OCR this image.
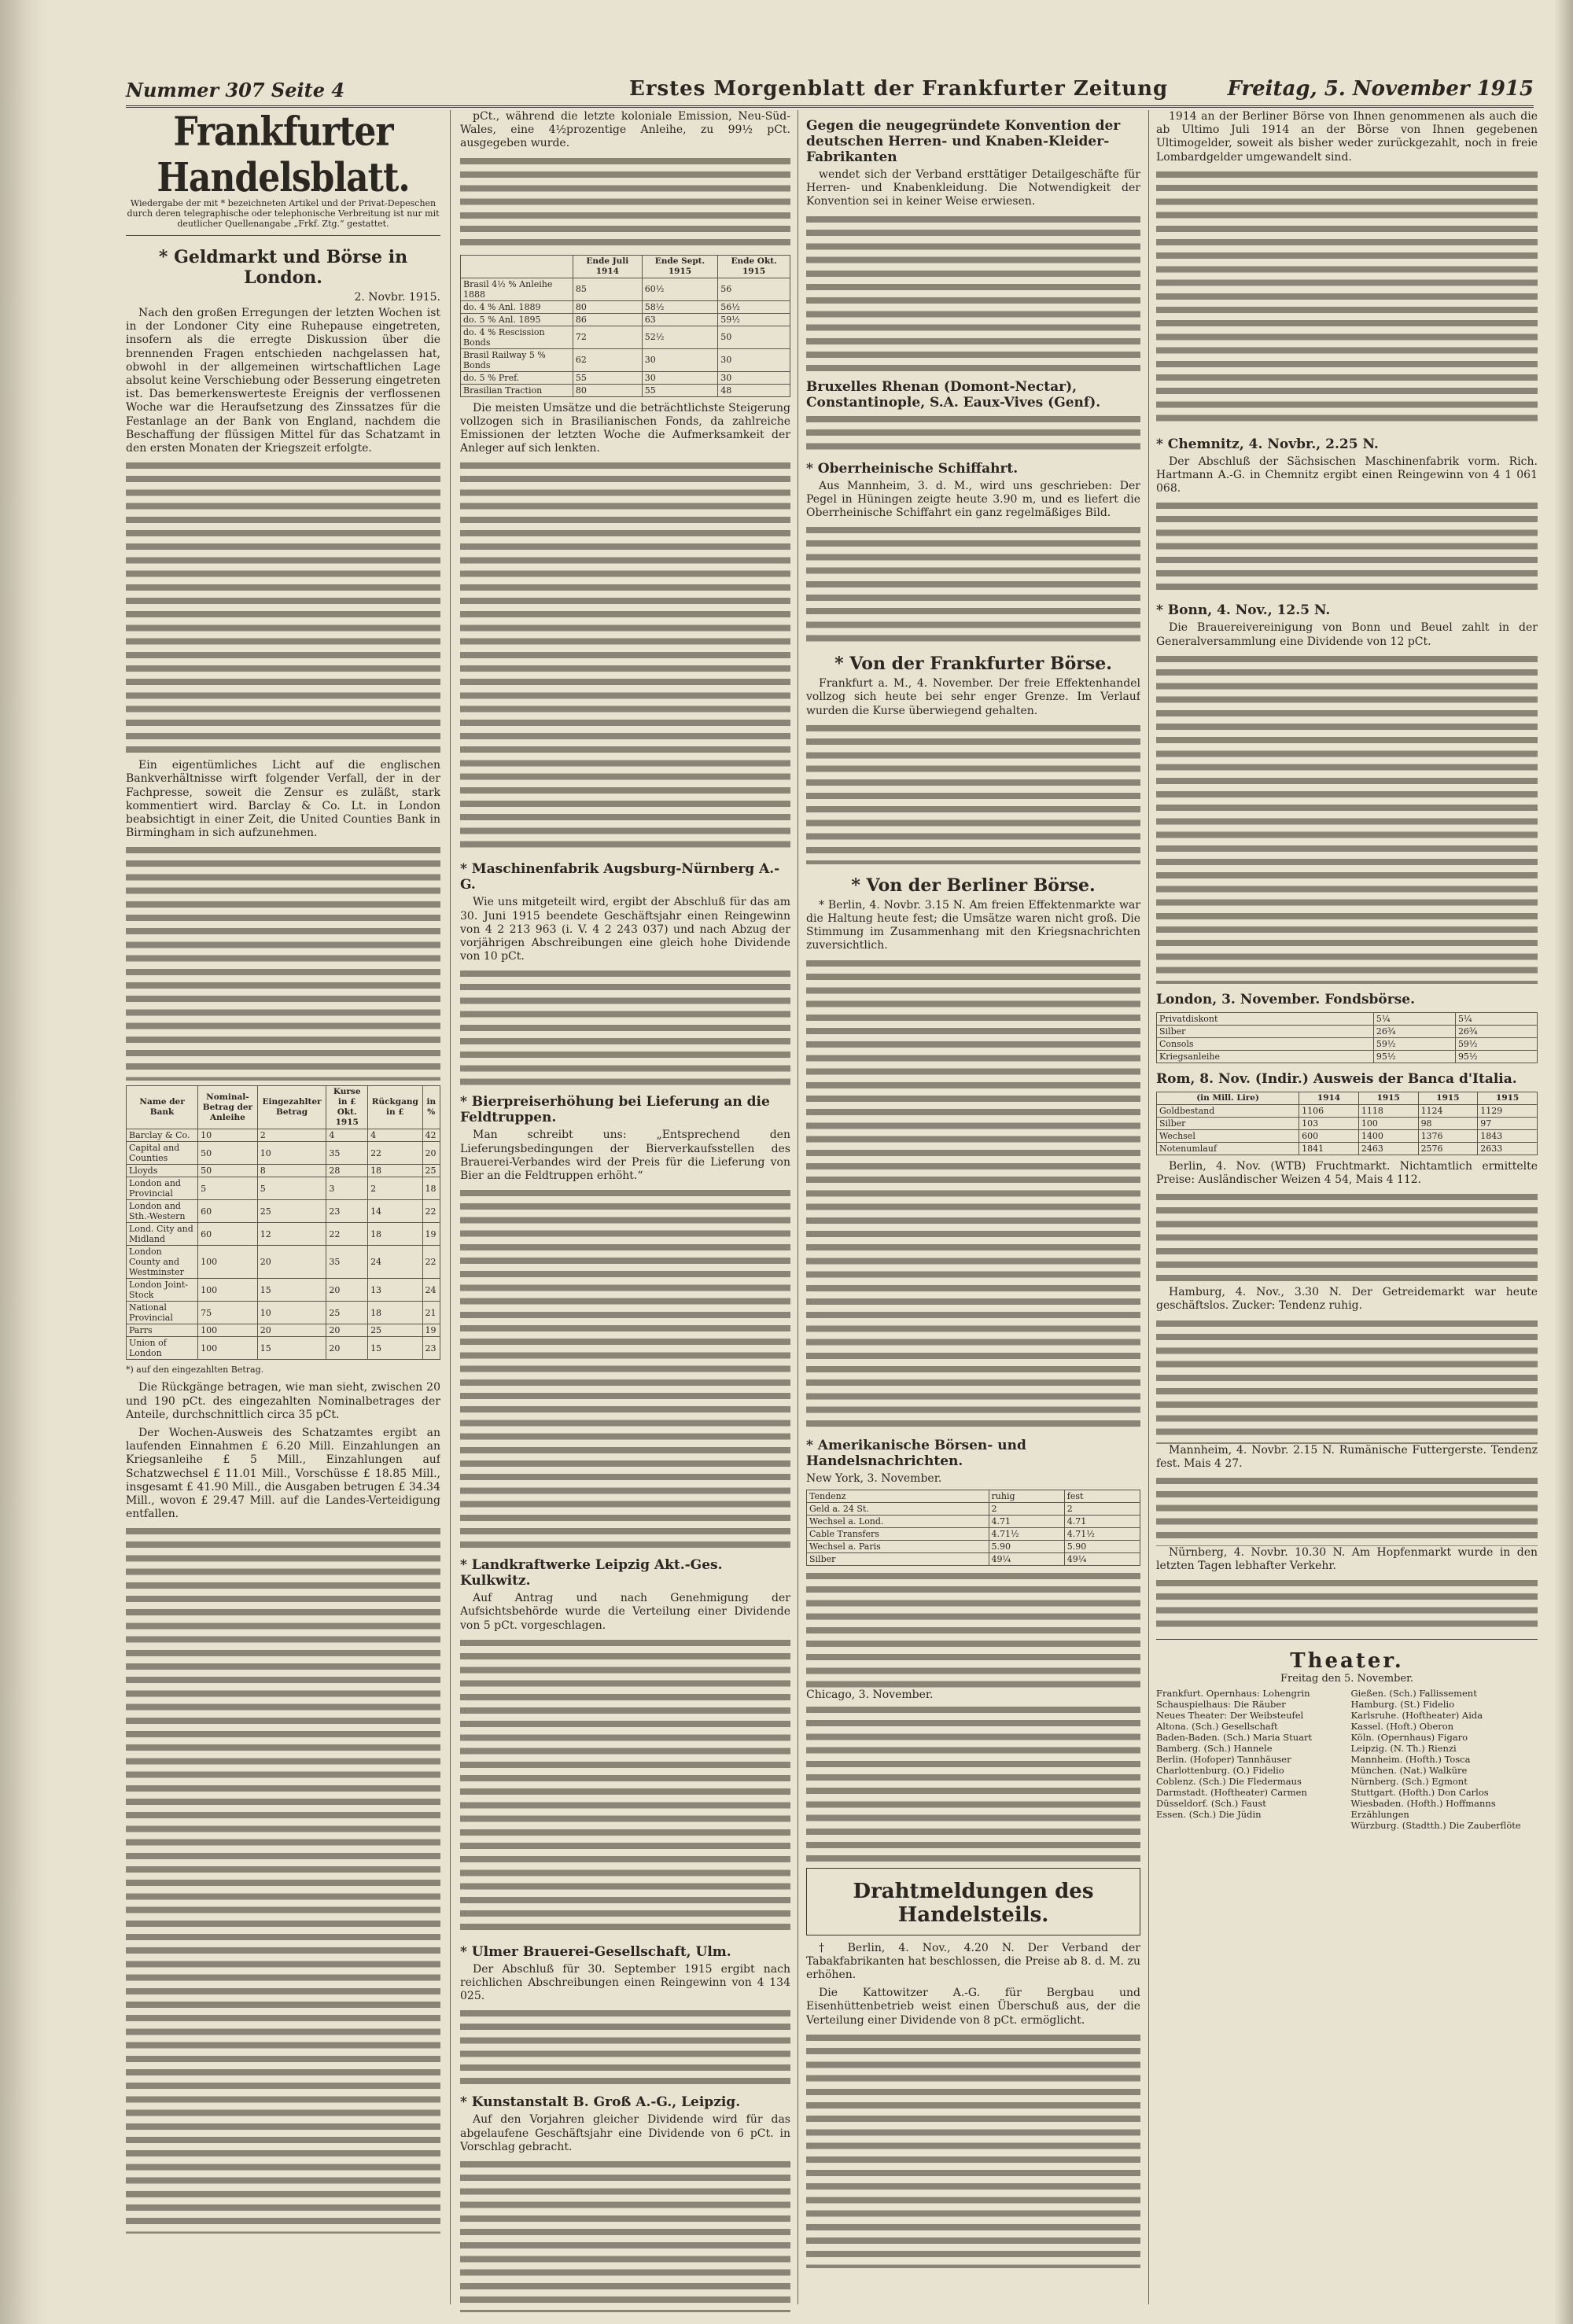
Nummer 307 Seite 4	Erstes Morgenblatt der Frankfurter Zeitung	Freitag, 5. November 1915
Frankfurter Handelsblatt.
Wiedergabe der mit * bezeichneten Artikel und der Privat-Depeschen durch deren telegraphische oder telephonische Verbreitung ist nur mit deutlicher Quellenangabe „Frkf. Ztg.“ gestattet.
* Geldmarkt und Börse in London.
2. Novbr. 1915.

Nach den großen Erregungen der letzten Wochen ist in der Londoner City eine Ruhepause eingetreten, insofern als die erregte Diskussion über die brennenden Fragen entschieden nachgelassen hat, obwohl in der allgemeinen wirtschaftlichen Lage absolut keine Verschiebung oder Besserung eingetreten ist. Das bemerkenswerteste Ereignis der verflossenen Woche war die Heraufsetzung des Zinssatzes für die Festanlage an der Bank von England, nachdem die Beschaffung der flüssigen Mittel für das Schatzamt in den ersten Monaten der Kriegszeit erfolgte.

Ein eigentümliches Licht auf die englischen Bankverhältnisse wirft folgender Verfall, der in der Fachpresse, soweit die Zensur es zuläßt, stark kommentiert wird. Barclay & Co. Lt. in London beabsichtigt in einer Zeit, die United Counties Bank in Birmingham in sich aufzunehmen.

Name der Bank	Nominal-Betrag der Anleihe	Eingezahlter Betrag	Kurse in £ Okt. 1915	Rückgang in £	in %
Barclay & Co.	10	2	4	4	42
Capital and Counties	50	10	35	22	20
Lloyds	50	8	28	18	25
London and Provincial	5	5	3	2	18
London and Sth.-Western	60	25	23	14	22
Lond. City and Midland	60	12	22	18	19
London County and Westminster	100	20	35	24	22
London Joint-Stock	100	15	20	13	24
National Provincial	75	10	25	18	21
Parrs	100	20	20	25	19
Union of London	100	15	20	15	23
*) auf den eingezahlten Betrag.

Die Rückgänge betragen, wie man sieht, zwischen 20 und 190 pCt. des eingezahlten Nominalbetrages der Anteile, durchschnittlich circa 35 pCt.

Der Wochen-Ausweis des Schatzamtes ergibt an laufenden Einnahmen £ 6.20 Mill. Einzahlungen an Kriegsanleihe £ 5 Mill., Einzahlungen auf Schatzwechsel £ 11.01 Mill., Vorschüsse £ 18.85 Mill., insgesamt £ 41.90 Mill., die Ausgaben betrugen £ 34.34 Mill., wovon £ 29.47 Mill. auf die Landes-Verteidigung entfallen.

pCt., während die letzte koloniale Emission, Neu-Süd-Wales, eine 4½prozentige Anleihe, zu 99½ pCt. ausgegeben wurde.

	Ende Juli 1914	Ende Sept. 1915	Ende Okt. 1915
Brasil 4½ % Anleihe 1888	85	60½	56
do. 4 % Anl. 1889	80	58½	56½
do. 5 % Anl. 1895	86	63	59½
do. 4 % Rescission Bonds	72	52½	50
Brasil Railway 5 % Bonds	62	30	30
do. 5 % Pref.	55	30	30
Brasilian Traction	80	55	48

Die meisten Umsätze und die beträchtlichste Steigerung vollzogen sich in Brasilianischen Fonds, da zahlreiche Emissionen der letzten Woche die Aufmerksamkeit der Anleger auf sich lenkten.

* Maschinenfabrik Augsburg-Nürnberg A.-G.

Wie uns mitgeteilt wird, ergibt der Abschluß für das am 30. Juni 1915 beendete Geschäftsjahr einen Reingewinn von 4 2 213 963 (i. V. 4 2 243 037) und nach Abzug der vorjährigen Abschreibungen eine gleich hohe Dividende von 10 pCt.

* Bierpreiserhöhung bei Lieferung an die Feldtruppen.

Man schreibt uns: „Entsprechend den Lieferungsbedingungen der Bierverkaufsstellen des Brauerei-Verbandes wird der Preis für die Lieferung von Bier an die Feldtruppen erhöht.“

* Landkraftwerke Leipzig Akt.-Ges. Kulkwitz.

Auf Antrag und nach Genehmigung der Aufsichtsbehörde wurde die Verteilung einer Dividende von 5 pCt. vorgeschlagen.

* Ulmer Brauerei-Gesellschaft, Ulm.

Der Abschluß für 30. September 1915 ergibt nach reichlichen Abschreibungen einen Reingewinn von 4 134 025.

* Kunstanstalt B. Groß A.-G., Leipzig.

Auf den Vorjahren gleicher Dividende wird für das abgelaufene Geschäftsjahr eine Dividende von 6 pCt. in Vorschlag gebracht.

Gegen die neugegründete Konvention der deutschen Herren- und Knaben-Kleider-Fabrikanten

wendet sich der Verband ersttätiger Detailgeschäfte für Herren- und Knabenkleidung. Die Notwendigkeit der Konvention sei in keiner Weise erwiesen.

Bruxelles Rhenan (Domont-Nectar), Constantinople, S.A. Eaux-Vives (Genf).
* Oberrheinische Schiffahrt.

Aus Mannheim, 3. d. M., wird uns geschrieben: Der Pegel in Hüningen zeigte heute 3.90 m, und es liefert die Oberrheinische Schiffahrt ein ganz regelmäßiges Bild.

* Von der Frankfurter Börse.

Frankfurt a. M., 4. November. Der freie Effektenhandel vollzog sich heute bei sehr enger Grenze. Im Verlauf wurden die Kurse überwiegend gehalten.

* Von der Berliner Börse.

* Berlin, 4. Novbr. 3.15 N. Am freien Effektenmarkte war die Haltung heute fest; die Umsätze waren nicht groß. Die Stimmung im Zusammenhang mit den Kriegsnachrichten zuversichtlich.

* Amerikanische Börsen- und Handelsnachrichten.
New York, 3. November.
Tendenz	ruhig	fest
Geld a. 24 St.	2	2
Wechsel a. Lond.	4.71	4.71
Cable Transfers	4.71½	4.71½
Wechsel a. Paris	5.90	5.90
Silber	49¼	49¼
Chicago, 3. November.
Drahtmeldungen des Handelsteils.

† Berlin, 4. Nov., 4.20 N. Der Verband der Tabakfabrikanten hat beschlossen, die Preise ab 8. d. M. zu erhöhen.

Die Kattowitzer A.-G. für Bergbau und Eisenhüttenbetrieb weist einen Überschuß aus, der die Verteilung einer Dividende von 8 pCt. ermöglicht.

1914 an der Berliner Börse von Ihnen genommenen als auch die ab Ultimo Juli 1914 an der Börse von Ihnen gegebenen Ultimogelder, soweit als bisher weder zurückgezahlt, noch in freie Lombardgelder umgewandelt sind.

* Chemnitz, 4. Novbr., 2.25 N.

Der Abschluß der Sächsischen Maschinenfabrik vorm. Rich. Hartmann A.-G. in Chemnitz ergibt einen Reingewinn von 4 1 061 068.

* Bonn, 4. Nov., 12.5 N.

Die Brauereivereinigung von Bonn und Beuel zahlt in der Generalversammlung eine Dividende von 12 pCt.

London, 3. November. Fondsbörse.
Privatdiskont	5¼	5¼
Silber	26¾	26¾
Consols	59½	59½
Kriegsanleihe	95½	95½
Rom, 8. Nov. (Indir.) Ausweis der Banca d'Italia.
(in Mill. Lire)	1914	1915	1915	1915
Goldbestand	1106	1118	1124	1129
Silber	103	100	98	97
Wechsel	600	1400	1376	1843
Notenumlauf	1841	2463	2576	2633

Berlin, 4. Nov. (WTB) Fruchtmarkt. Nichtamtlich ermittelte Preise: Ausländischer Weizen 4 54, Mais 4 112.

Hamburg, 4. Nov., 3.30 N. Der Getreidemarkt war heute geschäftslos. Zucker: Tendenz ruhig.

Mannheim, 4. Novbr. 2.15 N. Rumänische Futtergerste. Tendenz fest. Mais 4 27.

Nürnberg, 4. Novbr. 10.30 N. Am Hopfenmarkt wurde in den letzten Tagen lebhafter Verkehr.

Theater.
Freitag den 5. November.
Frankfurt. Opernhaus: Lohengrin
Schauspielhaus: Die Räuber
Neues Theater: Der Weibsteufel
Altona. (Sch.) Gesellschaft
Baden-Baden. (Sch.) Maria Stuart
Bamberg. (Sch.) Hannele
Berlin. (Hofoper) Tannhäuser
Charlottenburg. (O.) Fidelio
Coblenz. (Sch.) Die Fledermaus
Darmstadt. (Hoftheater) Carmen
Düsseldorf. (Sch.) Faust
Essen. (Sch.) Die Jüdin
Gießen. (Sch.) Fallissement
Hamburg. (St.) Fidelio
Karlsruhe. (Hoftheater) Aida
Kassel. (Hoft.) Oberon
Köln. (Opernhaus) Figaro
Leipzig. (N. Th.) Rienzi
Mannheim. (Hofth.) Tosca
München. (Nat.) Walküre
Nürnberg. (Sch.) Egmont
Stuttgart. (Hofth.) Don Carlos
Wiesbaden. (Hofth.) Hoffmanns Erzählungen
Würzburg. (Stadtth.) Die Zauberflöte
